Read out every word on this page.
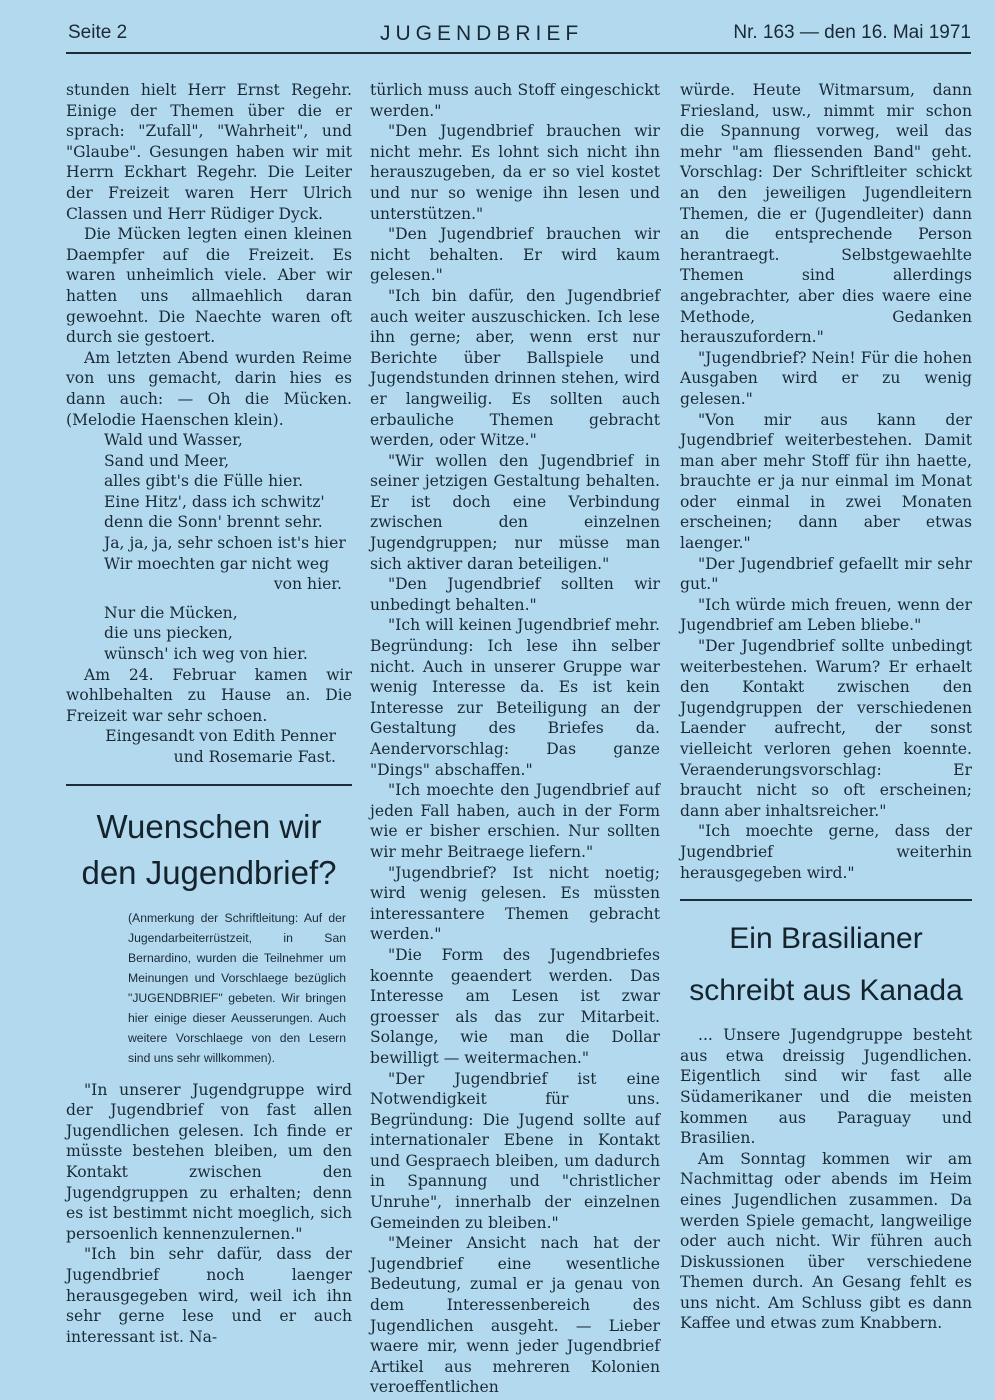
Seite 2	JUGENDBRIEF	Nr. 163 — den 16. Mai 1971

stunden hielt Herr Ernst Regehr. Einige der Themen über die er sprach: "Zufall", "Wahrheit", und "Glaube". Gesungen haben wir mit Herrn Eckhart Regehr. Die Leiter der Freizeit waren Herr Ulrich Classen und Herr Rüdiger Dyck.

Die Mücken legten einen kleinen Daempfer auf die Freizeit. Es waren unheimlich viele. Aber wir hatten uns allmaehlich daran gewoehnt. Die Naechte waren oft durch sie gestoert.

Am letzten Abend wurden Reime von uns gemacht, darin hies es dann auch: — Oh die Mücken. (Melodie Haenschen klein).

Wald und Wasser,

Sand und Meer,

alles gibt's die Fülle hier.

Eine Hitz', dass ich schwitz'

denn die Sonn' brennt sehr.

Ja, ja, ja, sehr schoen ist's hier

Wir moechten gar nicht weg

von hier.

Nur die Mücken,

die uns piecken,

wünsch' ich weg von hier.

Am 24. Februar kamen wir wohlbehalten zu Hause an. Die Freizeit war sehr schoen.

Eingesandt von Edith Penner

und Rosemarie Fast.

Wuenschen wir den Jugendbrief?

(Anmerkung der Schriftleitung: Auf der Jugendarbeiterrüstzeit, in San Bernardino, wurden die Teilnehmer um Meinungen und Vorschlaege bezüglich "JUGENDBRIEF" gebeten. Wir bringen hier einige dieser Aeusserungen. Auch weitere Vorschlaege von den Lesern sind uns sehr willkommen).

"In unserer Jugendgruppe wird der Jugendbrief von fast allen Jugendlichen gelesen. Ich finde er müsste bestehen bleiben, um den Kontakt zwischen den Jugendgruppen zu erhalten; denn es ist bestimmt nicht moeglich, sich persoenlich kennenzulernen."

"Ich bin sehr dafür, dass der Jugendbrief noch laenger herausgegeben wird, weil ich ihn sehr gerne lese und er auch interessant ist. Na-

türlich muss auch Stoff eingeschickt werden."

"Den Jugendbrief brauchen wir nicht mehr. Es lohnt sich nicht ihn herauszugeben, da er so viel kostet und nur so wenige ihn lesen und unterstützen."

"Den Jugendbrief brauchen wir nicht behalten. Er wird kaum gelesen."

"Ich bin dafür, den Jugendbrief auch weiter auszuschicken. Ich lese ihn gerne; aber, wenn erst nur Berichte über Ballspiele und Jugendstunden drinnen stehen, wird er langweilig. Es sollten auch erbauliche Themen gebracht werden, oder Witze."

"Wir wollen den Jugendbrief in seiner jetzigen Gestaltung behalten. Er ist doch eine Verbindung zwischen den einzelnen Jugendgruppen; nur müsse man sich aktiver daran beteiligen."

"Den Jugendbrief sollten wir unbedingt behalten."

"Ich will keinen Jugendbrief mehr. Begründung: Ich lese ihn selber nicht. Auch in unserer Gruppe war wenig Interesse da. Es ist kein Interesse zur Beteiligung an der Gestaltung des Briefes da. Aendervorschlag: Das ganze "Dings" abschaffen."

"Ich moechte den Jugendbrief auf jeden Fall haben, auch in der Form wie er bisher erschien. Nur sollten wir mehr Beitraege liefern."

"Jugendbrief? Ist nicht noetig; wird wenig gelesen. Es müssten interessantere Themen gebracht werden."

"Die Form des Jugendbriefes koennte geaendert werden. Das Interesse am Lesen ist zwar groesser als das zur Mitarbeit. Solange, wie man die Dollar bewilligt — weitermachen."

"Der Jugendbrief ist eine Notwendigkeit für uns. Begründung: Die Jugend sollte auf internationaler Ebene in Kontakt und Gespraech bleiben, um dadurch in Spannung und "christlicher Unruhe", innerhalb der einzelnen Gemeinden zu bleiben."

"Meiner Ansicht nach hat der Jugendbrief eine wesentliche Bedeutung, zumal er ja genau von dem Interessenbereich des Jugendlichen ausgeht. — Lieber waere mir, wenn jeder Jugendbrief Artikel aus mehreren Kolonien veroeffentlichen

würde. Heute Witmarsum, dann Friesland, usw., nimmt mir schon die Spannung vorweg, weil das mehr "am fliessenden Band" geht. Vorschlag: Der Schriftleiter schickt an den jeweiligen Jugendleitern Themen, die er (Jugendleiter) dann an die entsprechende Person herantraegt. Selbstgewaehlte Themen sind allerdings angebrachter, aber dies waere eine Methode, Gedanken herauszufordern."

"Jugendbrief? Nein! Für die hohen Ausgaben wird er zu wenig gelesen."

"Von mir aus kann der Jugendbrief weiterbestehen. Damit man aber mehr Stoff für ihn haette, brauchte er ja nur einmal im Monat oder einmal in zwei Monaten erscheinen; dann aber etwas laenger."

"Der Jugendbrief gefaellt mir sehr gut."

"Ich würde mich freuen, wenn der Jugendbrief am Leben bliebe."

"Der Jugendbrief sollte unbedingt weiterbestehen. Warum? Er erhaelt den Kontakt zwischen den Jugendgruppen der verschiedenen Laender aufrecht, der sonst vielleicht verloren gehen koennte. Veraenderungsvorschlag: Er braucht nicht so oft erscheinen; dann aber inhaltsreicher."

"Ich moechte gerne, dass der Jugendbrief weiterhin herausgegeben wird."

Ein Brasilianer schreibt aus Kanada

... Unsere Jugendgruppe besteht aus etwa dreissig Jugendlichen. Eigentlich sind wir fast alle Südamerikaner und die meisten kommen aus Paraguay und Brasilien.

Am Sonntag kommen wir am Nachmittag oder abends im Heim eines Jugendlichen zusammen. Da werden Spiele gemacht, langweilige oder auch nicht. Wir führen auch Diskussionen über verschiedene Themen durch. An Gesang fehlt es uns nicht. Am Schluss gibt es dann Kaffee und etwas zum Knabbern.
